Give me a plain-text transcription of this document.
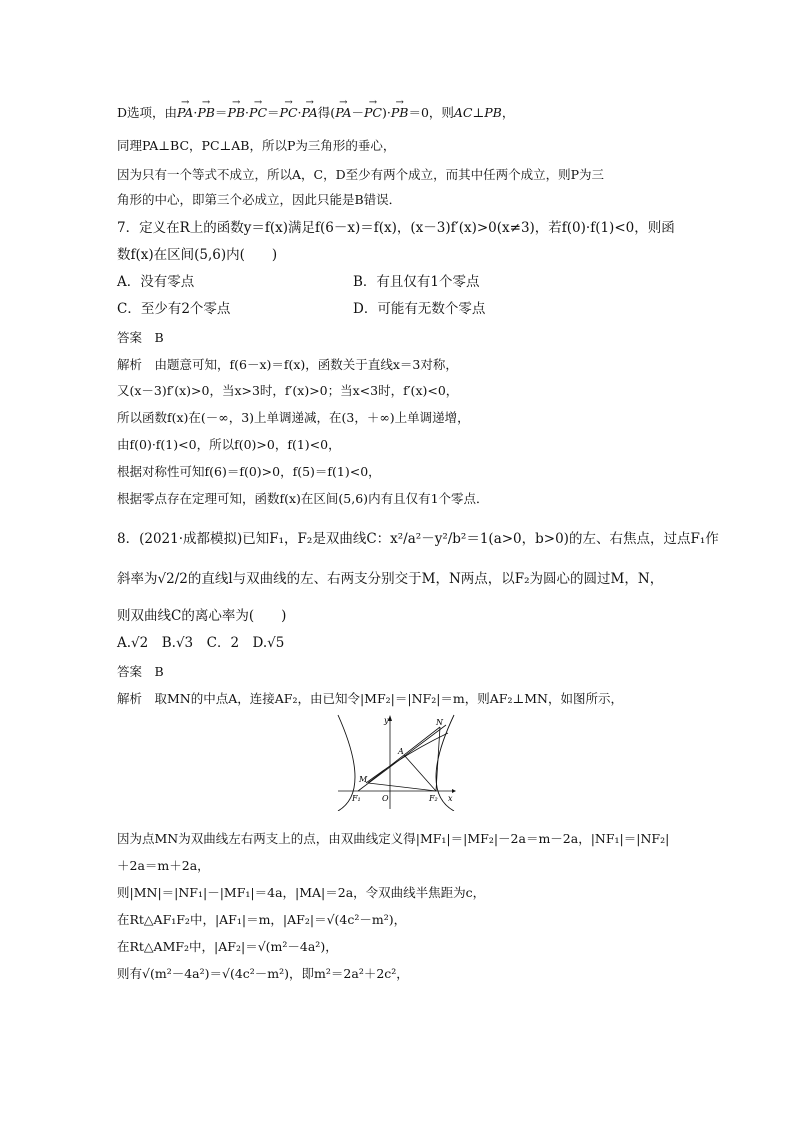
D选项，由→ PA·→ PB＝→ PB·→ PC＝→ PC·→ PA得(→ PA－→ PC)·→ PB＝0，则AC⊥PB，
同理PA⊥BC，PC⊥AB，所以P为三角形的垂心，
因为只有一个等式不成立，所以A，C，D至少有两个成立，而其中任两个成立，则P为三
角形的中心，即第三个必成立，因此只能是B错误．
7．定义在R上的函数y＝f(x)满足f(6－x)＝f(x)，(x－3)f′(x)>0(x≠3)，若f(0)·f(1)<0，则函
数f(x)在区间(5,6)内(　　)
A．没有零点	B．有且仅有1个零点
C．至少有2个零点	D．可能有无数个零点
答案　B
解析　由题意可知，f(6－x)＝f(x)，函数关于直线x＝3对称，
又(x－3)f′(x)>0，当x>3时，f′(x)>0；当x<3时，f′(x)<0，
所以函数f(x)在(－∞，3)上单调递减，在(3，＋∞)上单调递增，
由f(0)·f(1)<0，所以f(0)>0，f(1)<0，
根据对称性可知f(6)＝f(0)>0，f(5)＝f(1)<0，
根据零点存在定理可知，函数f(x)在区间(5,6)内有且仅有1个零点．
8．(2021·成都模拟)已知F₁，F₂是双曲线C：x²/a²－y²/b²＝1(a>0，b>0)的左、右焦点，过点F₁作
斜率为√2/2的直线l与双曲线的左、右两支分别交于M，N两点，以F₂为圆心的圆过M，N，
则双曲线C的离心率为(　　)
A.√2　B.√3　C．2　D.√5
答案　B
解析　取MN的中点A，连接AF₂，由已知令|MF₂|＝|NF₂|＝m，则AF₂⊥MN，如图所示，
y
x
N
A
M
F₁	O	F₂
因为点MN为双曲线左右两支上的点，由双曲线定义得|MF₁|＝|MF₂|－2a＝m－2a，|NF₁|＝|NF₂|
＋2a＝m＋2a，
则|MN|＝|NF₁|－|MF₁|＝4a，|MA|＝2a，令双曲线半焦距为c，
在Rt△AF₁F₂中，|AF₁|＝m，|AF₂|＝√(4c²－m²)，
在Rt△AMF₂中，|AF₂|＝√(m²－4a²)，
则有√(m²－4a²)＝√(4c²－m²)，即m²＝2a²＋2c²，
